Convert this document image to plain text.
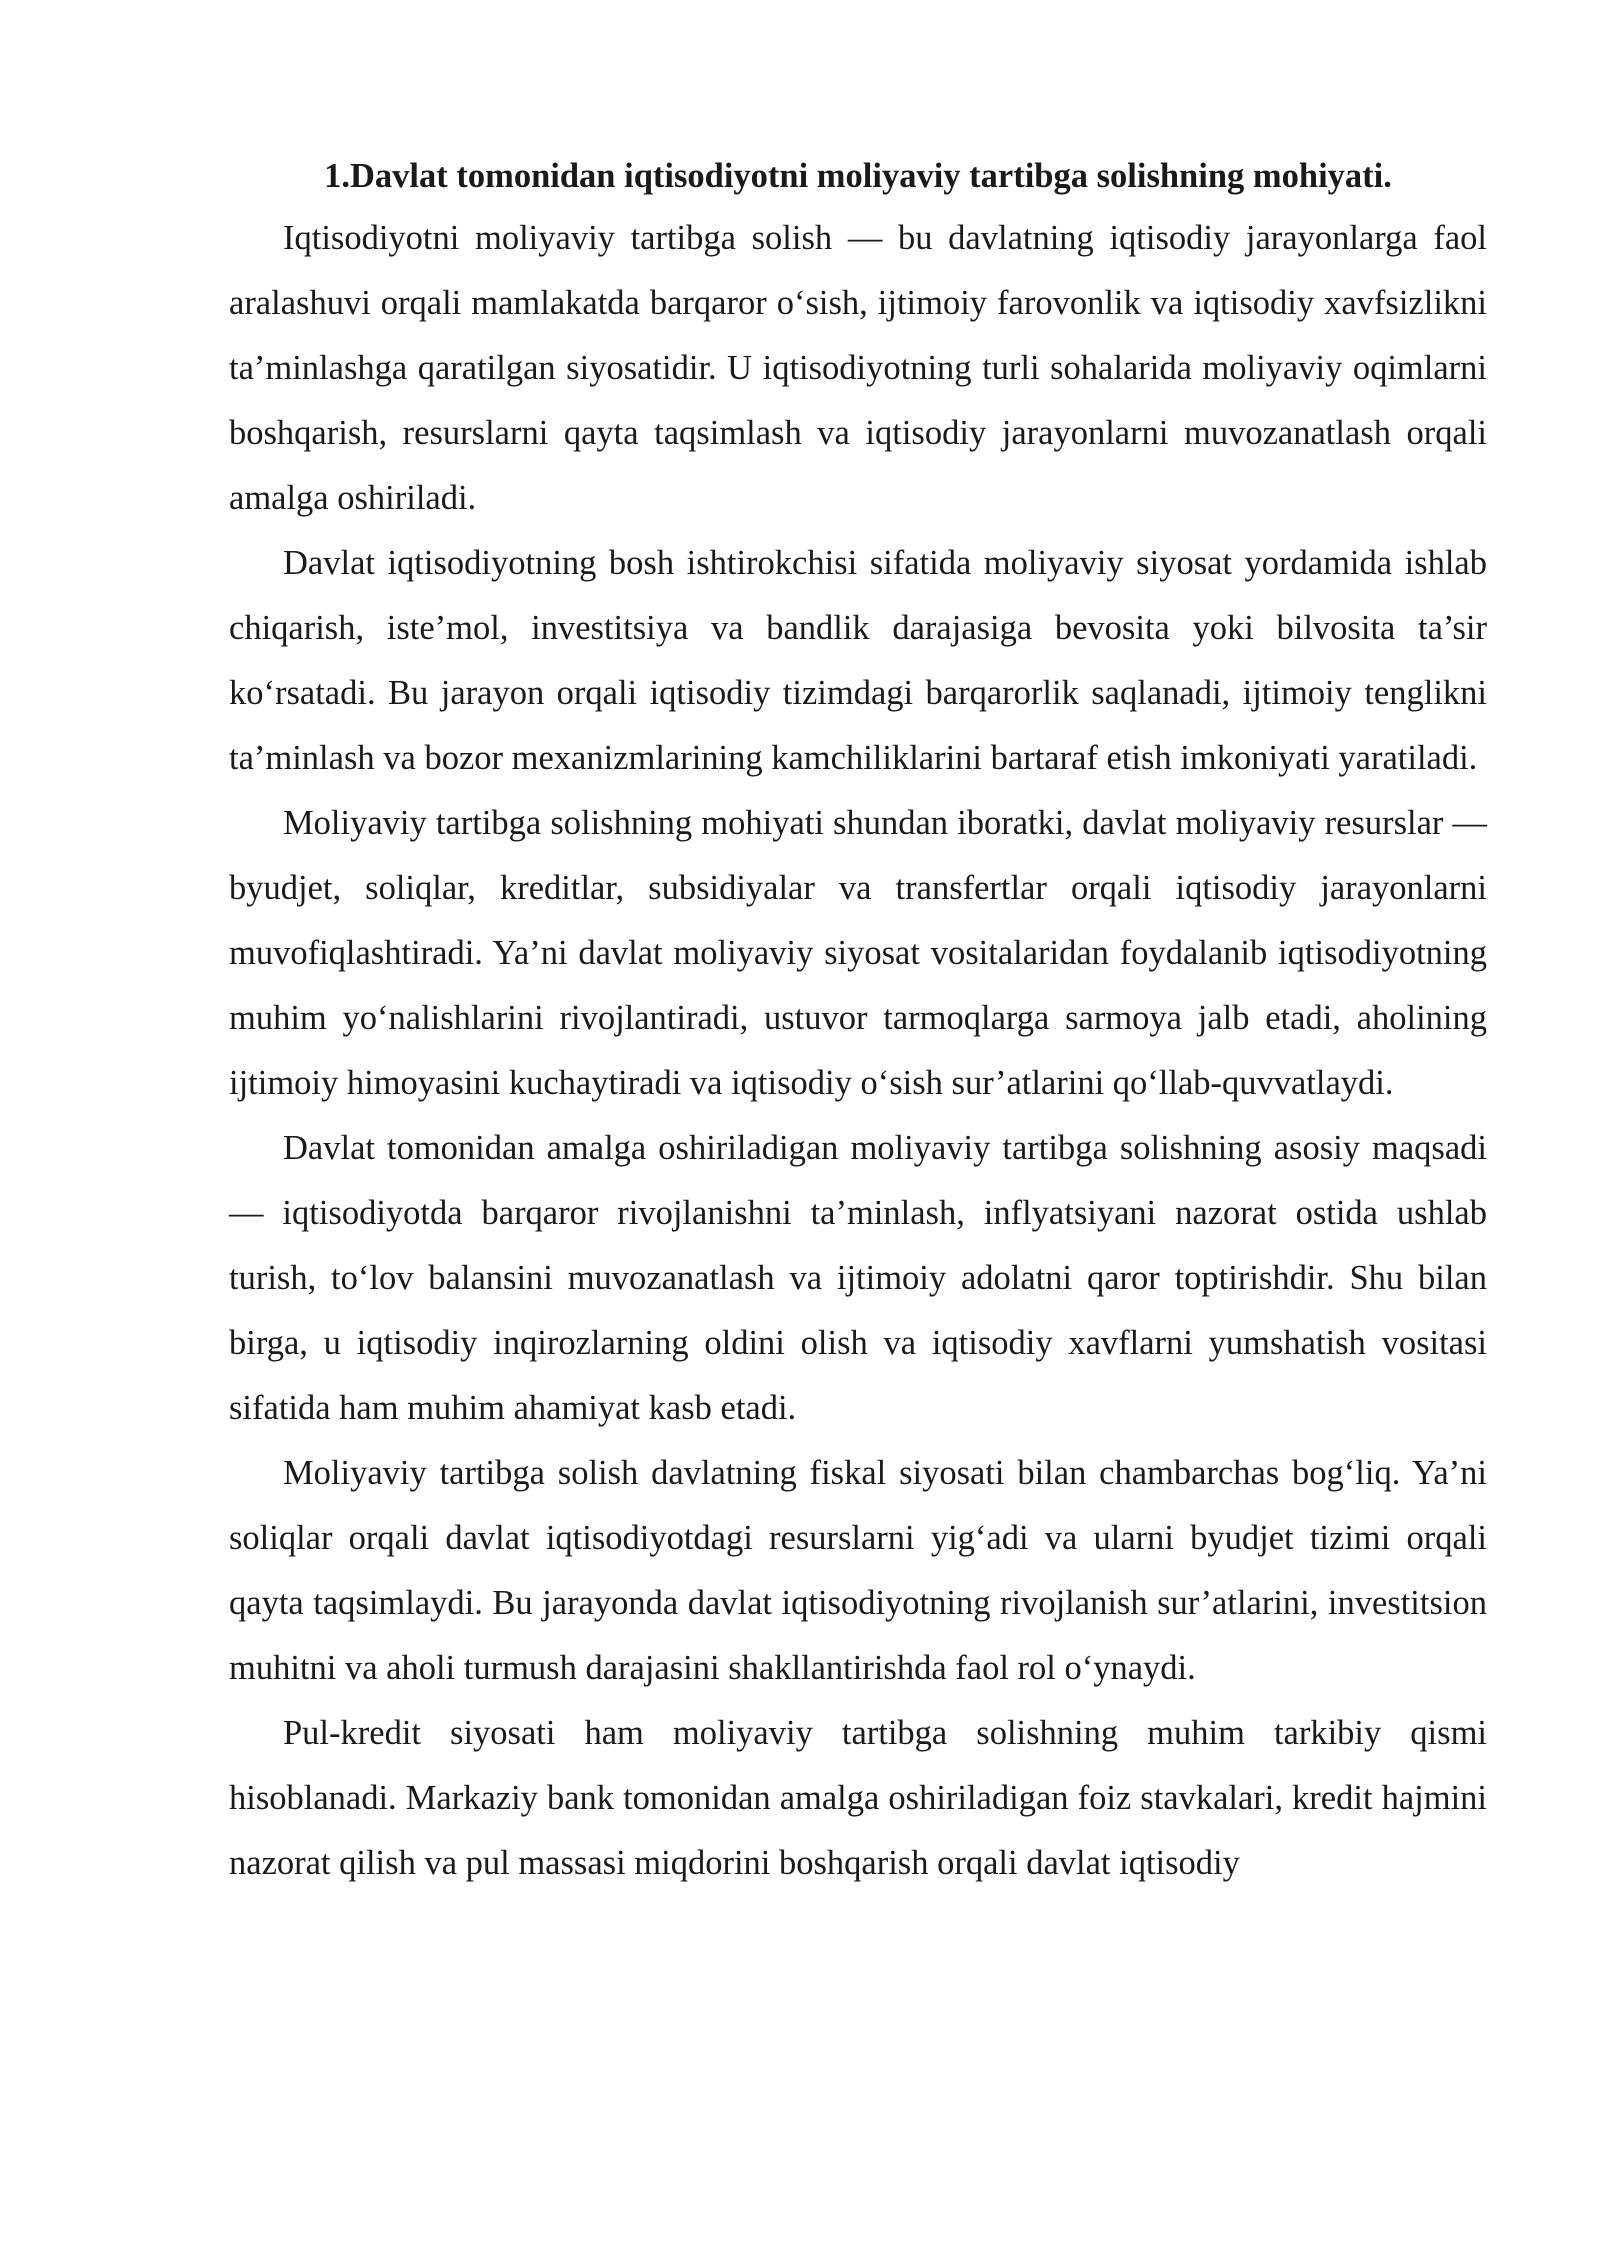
1.Davlat tomonidan iqtisodiyotni moliyaviy tartibga solishning mohiyati.

Iqtisodiyotni moliyaviy tartibga solish — bu davlatning iqtisodiy jarayonlarga faol aralashuvi orqali mamlakatda barqaror o‘sish, ijtimoiy farovonlik va iqtisodiy xavfsizlikni ta’minlashga qaratilgan siyosatidir. U iqtisodiyotning turli sohalarida moliyaviy oqimlarni boshqarish, resurslarni qayta taqsimlash va iqtisodiy jarayonlarni muvozanatlash orqali amalga oshiriladi.

Davlat iqtisodiyotning bosh ishtirokchisi sifatida moliyaviy siyosat yordamida ishlab chiqarish, iste’mol, investitsiya va bandlik darajasiga bevosita yoki bilvosita ta’sir ko‘rsatadi. Bu jarayon orqali iqtisodiy tizimdagi barqarorlik saqlanadi, ijtimoiy tenglikni ta’minlash va bozor mexanizmlarining kamchiliklarini bartaraf etish imkoniyati yaratiladi.

Moliyaviy tartibga solishning mohiyati shundan iboratki, davlat moliyaviy resurslar — byudjet, soliqlar, kreditlar, subsidiyalar va transfertlar orqali iqtisodiy jarayonlarni muvofiqlashtiradi. Ya’ni davlat moliyaviy siyosat vositalaridan foydalanib iqtisodiyotning muhim yo‘nalishlarini rivojlantiradi, ustuvor tarmoqlarga sarmoya jalb etadi, aholining ijtimoiy himoyasini kuchaytiradi va iqtisodiy o‘sish sur’atlarini qo‘llab-quvvatlaydi.

Davlat tomonidan amalga oshiriladigan moliyaviy tartibga solishning asosiy maqsadi — iqtisodiyotda barqaror rivojlanishni ta’minlash, inflyatsiyani nazorat ostida ushlab turish, to‘lov balansini muvozanatlash va ijtimoiy adolatni qaror toptirishdir. Shu bilan birga, u iqtisodiy inqirozlarning oldini olish va iqtisodiy xavflarni yumshatish vositasi sifatida ham muhim ahamiyat kasb etadi.

Moliyaviy tartibga solish davlatning fiskal siyosati bilan chambarchas bog‘liq. Ya’ni soliqlar orqali davlat iqtisodiyotdagi resurslarni yig‘adi va ularni byudjet tizimi orqali qayta taqsimlaydi. Bu jarayonda davlat iqtisodiyotning rivojlanish sur’atlarini, investitsion muhitni va aholi turmush darajasini shakllantirishda faol rol o‘ynaydi.

Pul-kredit siyosati ham moliyaviy tartibga solishning muhim tarkibiy qismi hisoblanadi. Markaziy bank tomonidan amalga oshiriladigan foiz stavkalari, kredit hajmini nazorat qilish va pul massasi miqdorini boshqarish orqali davlat iqtisodiy
